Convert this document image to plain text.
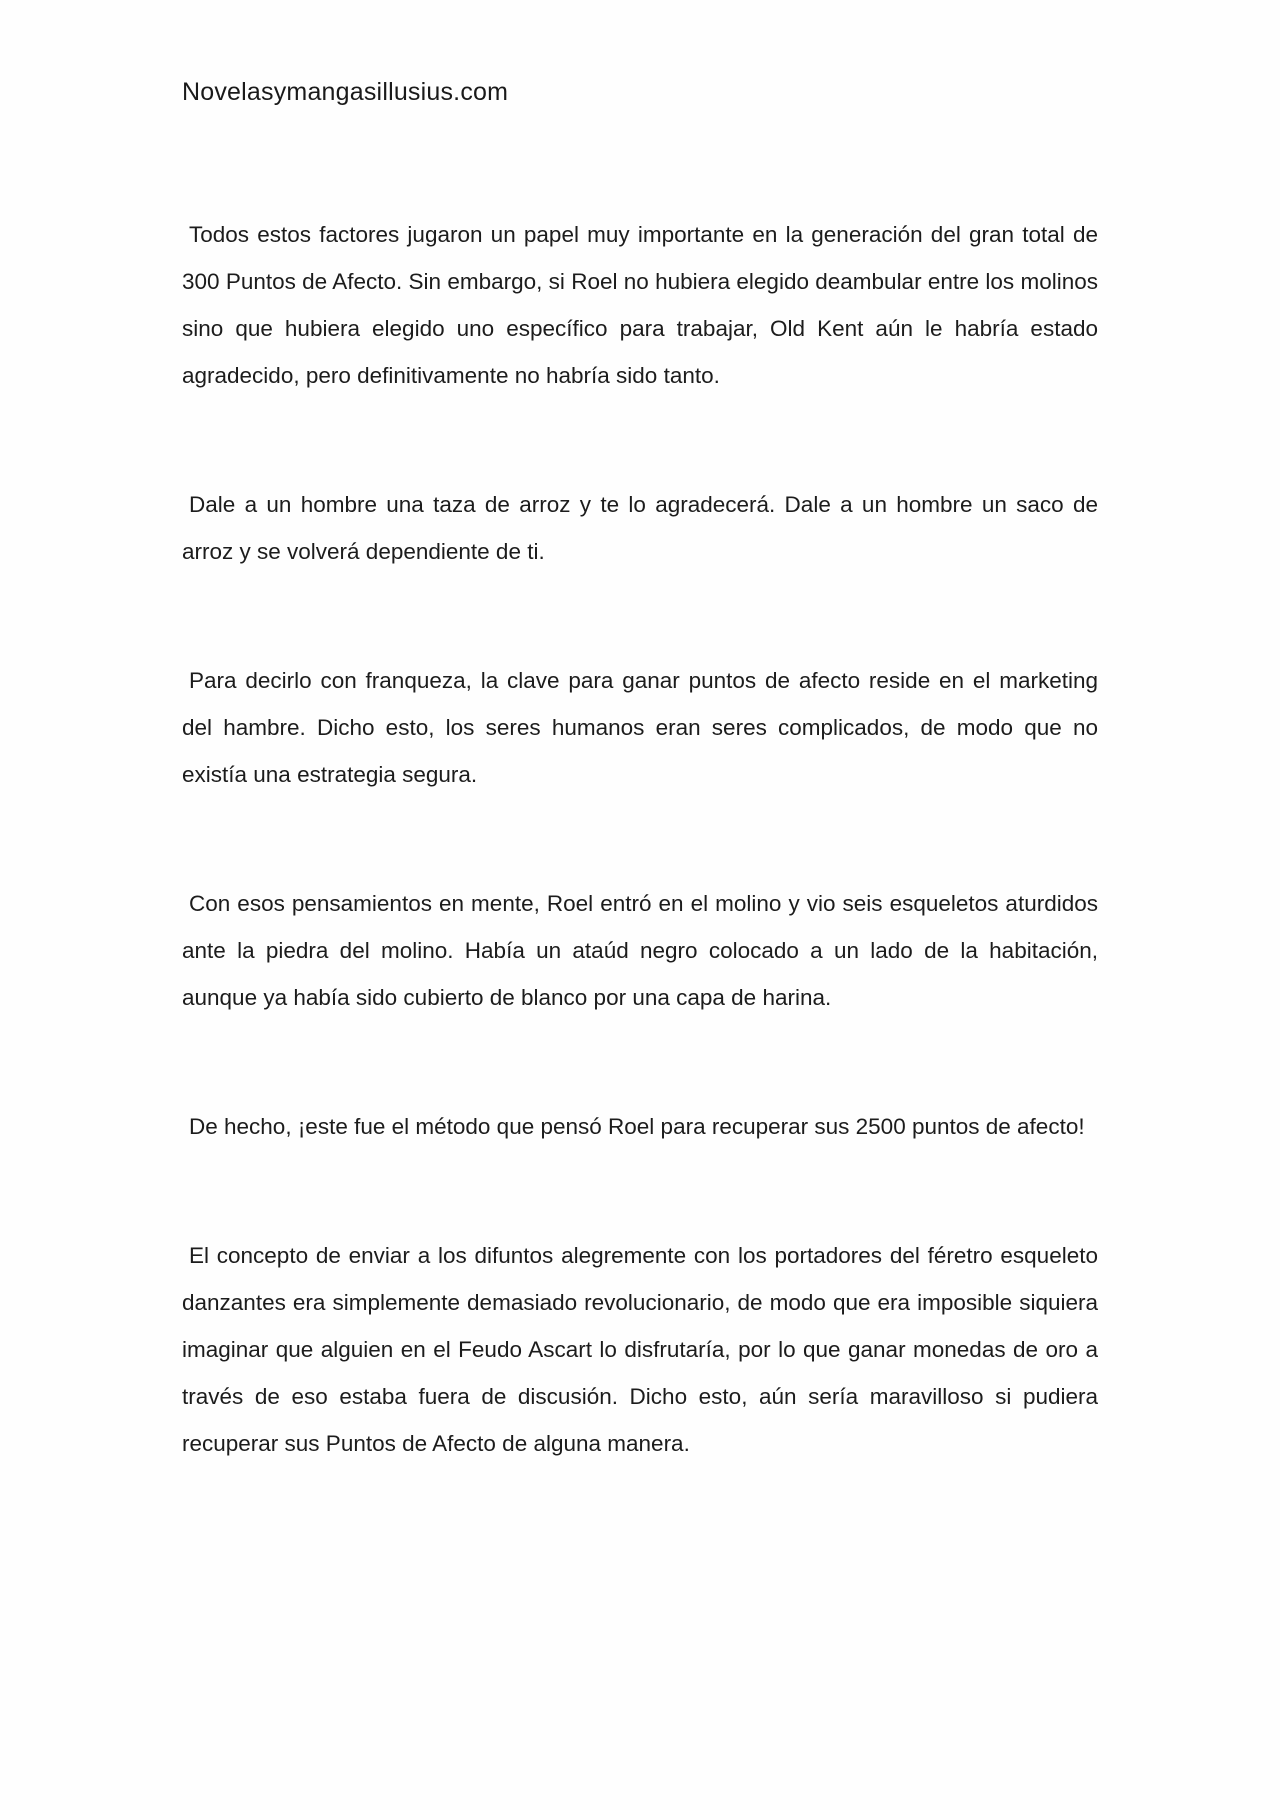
Novelasymangasillusius.com

Todos estos factores jugaron un papel muy importante en la generación del gran total de 300 Puntos de Afecto. Sin embargo, si Roel no hubiera elegido deambular entre los molinos sino que hubiera elegido uno específico para trabajar, Old Kent aún le habría estado agradecido, pero definitivamente no habría sido tanto.

Dale a un hombre una taza de arroz y te lo agradecerá. Dale a un hombre un saco de arroz y se volverá dependiente de ti.

Para decirlo con franqueza, la clave para ganar puntos de afecto reside en el marketing del hambre. Dicho esto, los seres humanos eran seres complicados, de modo que no existía una estrategia segura.

Con esos pensamientos en mente, Roel entró en el molino y vio seis esqueletos aturdidos ante la piedra del molino. Había un ataúd negro colocado a un lado de la habitación, aunque ya había sido cubierto de blanco por una capa de harina.

De hecho, ¡este fue el método que pensó Roel para recuperar sus 2500 puntos de afecto!

El concepto de enviar a los difuntos alegremente con los portadores del féretro esqueleto danzantes era simplemente demasiado revolucionario, de modo que era imposible siquiera imaginar que alguien en el Feudo Ascart lo disfrutaría, por lo que ganar monedas de oro a través de eso estaba fuera de discusión. Dicho esto, aún sería maravilloso si pudiera recuperar sus Puntos de Afecto de alguna manera.
